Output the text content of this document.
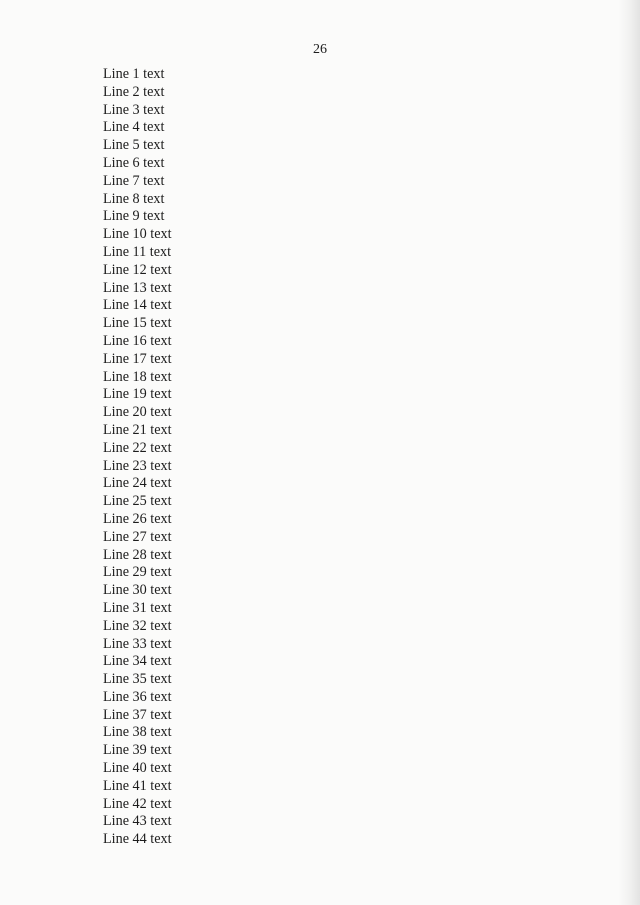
26
Line 1 text
Line 2 text
Line 3 text
Line 4 text
Line 5 text
Line 6 text
Line 7 text
Line 8 text
Line 9 text
Line 10 text
Line 11 text
Line 12 text
Line 13 text
Line 14 text
Line 15 text
Line 16 text
Line 17 text
Line 18 text
Line 19 text
Line 20 text
Line 21 text
Line 22 text
Line 23 text
Line 24 text
Line 25 text
Line 26 text
Line 27 text
Line 28 text
Line 29 text
Line 30 text
Line 31 text
Line 32 text
Line 33 text
Line 34 text
Line 35 text
Line 36 text
Line 37 text
Line 38 text
Line 39 text
Line 40 text
Line 41 text
Line 42 text
Line 43 text
Line 44 text
